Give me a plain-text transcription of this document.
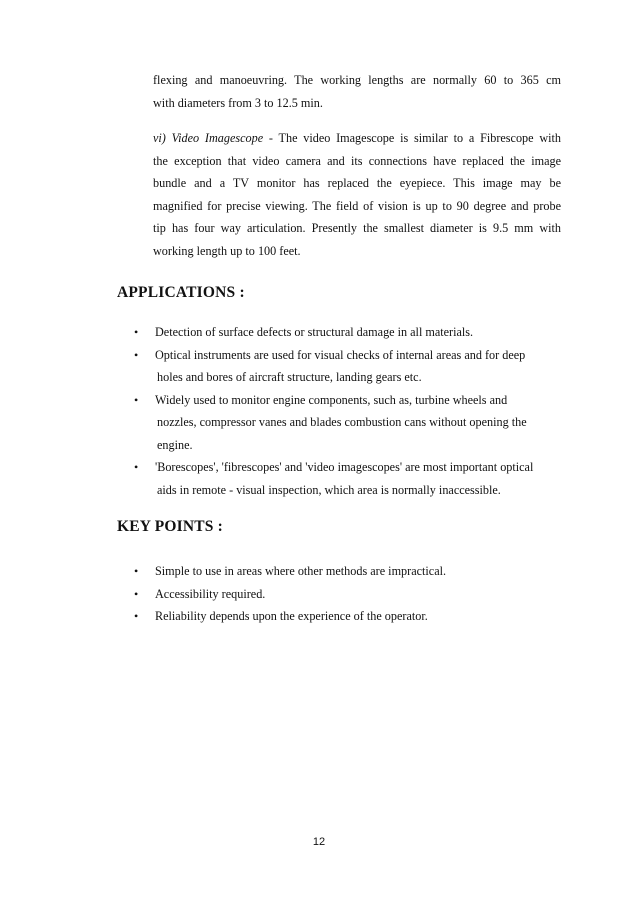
flexing and manoeuvring. The working lengths are normally 60 to 365 cm
with diameters from 3 to 12.5 min.

vi) Video Imagescope - The video Imagescope is similar to a Fibrescope with
the exception that video camera and its connections have replaced the image
bundle and a TV monitor has replaced the eyepiece. This image may be
magnified for precise viewing. The field of vision is up to 90 degree and probe
tip has four way articulation. Presently the smallest diameter is 9.5 mm with
working length up to 100 feet.

APPLICATIONS :
• Detection of surface defects or structural damage in all materials.
• Optical instruments are used for visual checks of internal areas and for deep
holes and bores of aircraft structure, landing gears etc.
• Widely used to monitor engine components, such as, turbine wheels and
nozzles, compressor vanes and blades combustion cans without opening the
engine.
• 'Borescopes', 'fibrescopes' and 'video imagescopes' are most important optical
aids in remote - visual inspection, which area is normally inaccessible.
KEY POINTS :
• Simple to use in areas where other methods are impractical.
• Accessibility required.
• Reliability depends upon the experience of the operator.
12
